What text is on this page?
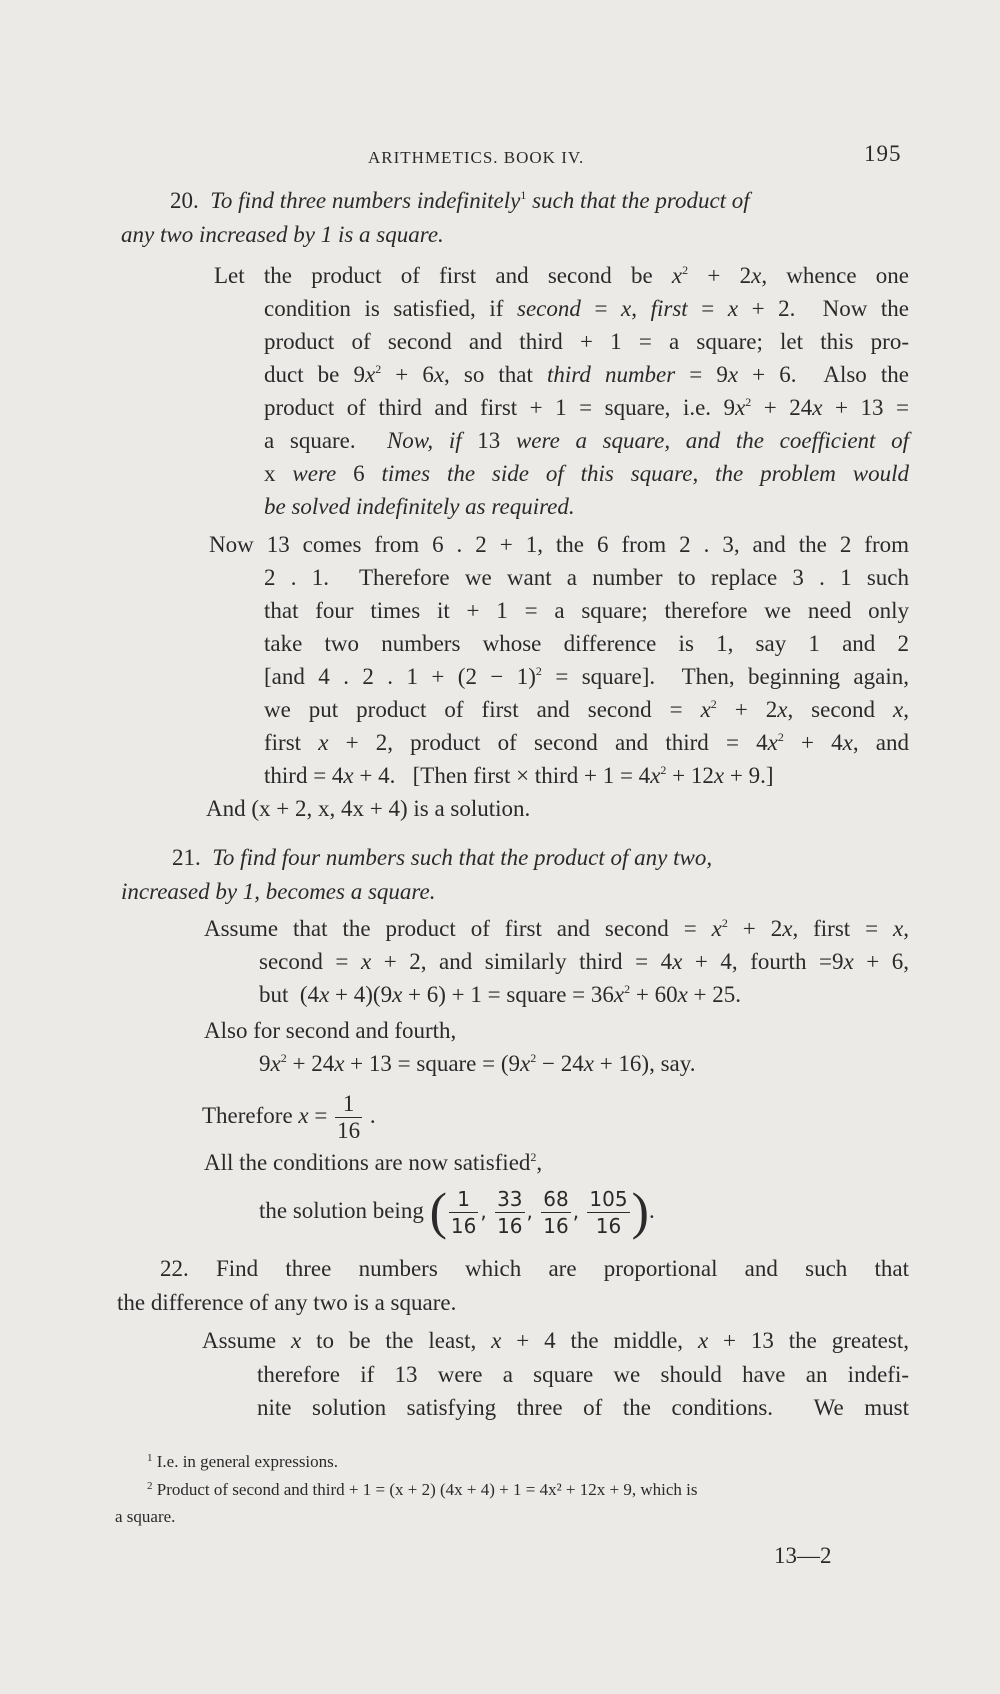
ARITHMETICS. BOOK IV.	195
20. To find three numbers indefinitely$^1$ such that the product of
any two increased by 1 is a square.
Let the product of first and second be $x^2 + 2x$, whence one
condition is satisfied, if second = x, first = x + 2.  Now the
product of second and third + 1 = a square; let this pro-
duct be $9x^2 + 6x$, so that third number = 9x + 6.  Also the
product of third and first + 1 = square, i.e. $9x^2 + 24x + 13$ =
a square.  Now, if 13 were a square, and the coefficient of
x were 6 times the side of this square, the problem would
be solved indefinitely as required.
Now 13 comes from 6 . 2 + 1, the 6 from 2 . 3, and the 2 from
2 . 1.  Therefore we want a number to replace 3 . 1 such
that four times it + 1 = a square; therefore we need only
take two numbers whose difference is 1, say 1 and 2
[and 4 . 2 . $1 + (2 - 1)^2$ = square].  Then, beginning again,
we put product of first and second = $x^2 + 2x$, second x,
first x + 2, product of second and third = $4x^2 + 4x$, and
third = 4x + 4.   [Then first × third + $1 = 4x^2 + 12x + 9$.]
And (x + 2, x, 4x + 4) is a solution.
21. To find four numbers such that the product of any two,
increased by 1, becomes a square.
Assume that the product of first and second = $x^2 + 2x$, first = x,
second = x + 2, and similarly third = 4x + 4, fourth =9x + 6,
but  (4x + 4)(9x + 6) + 1 = square = $36x^2 + 60x + 25$.
Also for second and fourth,
$9x^2 + 24x + 13$ = square = $(9x^2 - 24x + 16)$, say.
Therefore $x = \frac{1}{16}$ .
All the conditions are now satisfied$^2$,
the solution being ( $\frac{1}{16}$ , $\frac{33}{16}$ , $\frac{68}{16}$ , $\frac{105}{16}$ ).
22. Find three numbers which are proportional and such that
the difference of any two is a square.
Assume x to be the least, x + 4 the middle, x + 13 the greatest,
therefore if 13 were a square we should have an indefi-
nite solution satisfying three of the conditions.  We must
$^1$ I.e. in general expressions.
$^2$ Product of second and third + 1 = (x + 2) (4x + 4) + 1 = 4x² + 12x + 9, which is
a square.
13—2
